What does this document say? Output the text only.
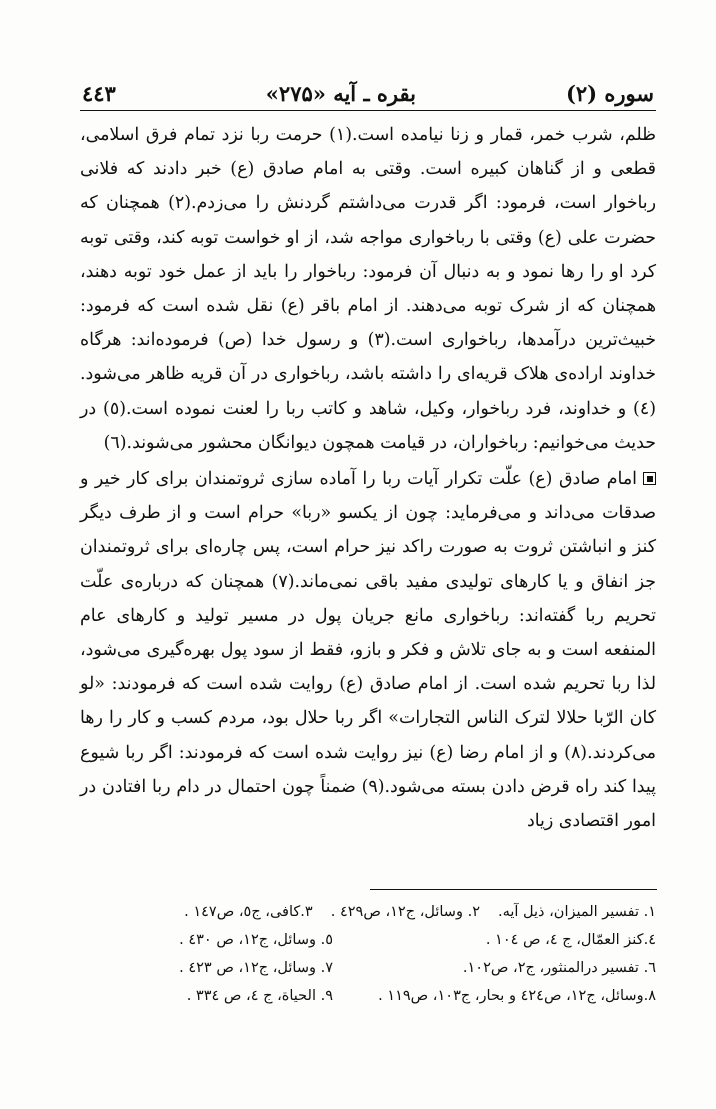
سوره (۲)
بقره ـ آیه «۲۷۵»
٤٤٣

ظلم، شرب خمر، قمار و زنا نیامده است.(۱) حرمت ربا نزد تمام فرق اسلامی، قطعی و از گناهان کبیره است. وقتی به امام صادق (ع) خبر دادند که فلانی رباخوار است، فرمود: اگر قدرت می‌داشتم گردنش را می‌زدم.(۲) همچنان که حضرت علی (ع) وقتی با رباخواری مواجه شد، از او خواست توبه کند، وقتی توبه کرد او را رها نمود و به دنبال آن فرمود: رباخوار را باید از عمل خود توبه دهند، همچنان که از شرک توبه می‌دهند. از امام باقر (ع) نقل شده است که فرمود: خبیث‌ترین درآمدها، رباخواری است.(۳) و رسول خدا (ص) فرموده‌اند: هرگاه خداوند اراده‌ی هلاک قریه‌ای را داشته باشد، رباخواری در آن قریه ظاهر می‌شود.(٤) و خداوند، فرد رباخوار، وکیل، شاهد و کاتب ربا را لعنت نموده است.(٥) در حدیث می‌خوانیم: رباخواران، در قیامت همچون دیوانگان محشور می‌شوند.(٦)

امام صادق (ع) علّت تکرار آیات ربا را آماده سازی ثروتمندان برای کار خیر و صدقات می‌داند و می‌فرماید: چون از یکسو «ربا» حرام است و از طرف دیگر کنز و انباشتن ثروت به صورت راکد نیز حرام است، پس چاره‌ای برای ثروتمندان جز انفاق و یا کارهای تولیدی مفید باقی نمی‌ماند.(۷) همچنان که درباره‌ی علّت تحریم ربا گفته‌اند: رباخواری مانع جریان پول در مسیر تولید و کارهای عام المنفعه است و به جای تلاش و فکر و بازو، فقط از سود پول بهره‌گیری می‌شود، لذا ربا تحریم شده است. از امام صادق (ع) روایت شده است که فرمودند: «لو کان الرّبا حلالا لترک الناس التجارات» اگر ربا حلال بود، مردم کسب و کار را رها می‌کردند.(۸) و از امام رضا (ع) نیز روایت شده است که فرمودند: اگر ربا شیوع پیدا کند راه قرض دادن بسته می‌شود.(۹) ضمناً چون احتمال در دام ربا افتادن در امور اقتصادی زیاد

۱. تفسیر المیزان، ذیل آیه.
۲. وسائل، ج۱۲، ص٤۲۹ .
۳.کافی، ج٥، ص۱٤۷ .
٤.کنز العمّال، ج ٤، ص ۱۰٤ .
٥. وسائل، ج۱۲، ص ٤۳۰ .
٦. تفسیر درالمنثور، ج۲، ص۱۰۲.
۷. وسائل، ج۱۲، ص ٤۲۳ .
۸.وسائل، ج۱۲، ص٤۲٤ و بحار، ج۱۰۳، ص۱۱۹ .
۹. الحیاة، ج ٤، ص ۳۳٤ .
